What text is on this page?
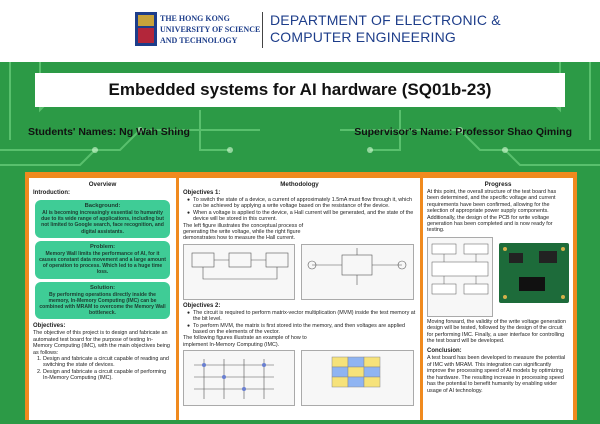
THE HONG KONG
UNIVERSITY OF SCIENCE
AND TECHNOLOGY
DEPARTMENT OF ELECTRONIC &
COMPUTER ENGINEERING
Embedded systems for AI hardware (SQ01b-23)
Students' Names: Ng Wah Shing	Supervisor's Name: Professor Shao Qiming
Overview
Introduction:
Background:
AI is becoming increasingly essential to humanity due to its wide range of applications, including but not limited to Google search, face recognition, and digital assistants.
Problem:
Memory Wall limits the performance of AI, for it causes constant data movement and a large amount of operation to process. Which led to a huge time loss.
Solution:
By performing operations directly inside the memory, In-Memory Computing (IMC) can be combined with MRAM to overcome the Memory Wall bottleneck.
Objectives:
The objective of this project is to design and fabricate an automated test board for the purpose of testing In-Memory Computing (IMC), with the main objectives being as follows:
1. Design and fabricate a circuit capable of reading and switching the state of devices.
2. Design and fabricate a circuit capable of performing In-Memory Computing (IMC).
Methodology
Objectives 1:
● To switch the state of a device, a current of approximately 1.5mA must flow through it, which can be achieved by applying a write voltage based on the resistance of the device.
● When a voltage is applied to the device, a Hall current will be generated, and the state of the device will be stored in this current.
The left figure illustrates the conceptual process of generating the write voltage, while the right figure demonstrates how to measure the Hall current.
Objectives 2:
● The circuit is required to perform matrix-vector multiplication (MVM) inside the test memory at the bit level.
● To perform MVM, the matrix is first stored into the memory, and then voltages are applied based on the elements of the vector.
The following figures illustrate an example of how to implement In-Memory Computing (IMC).
Progress
At this point, the overall structure of the test board has been determined, and the specific voltage and current requirements have been confirmed, allowing for the selection of appropriate power supply components. Additionally, the design of the PCB for write voltage generation has been completed and is now ready for testing.
Moving forward, the validity of the write voltage generation design will be tested, followed by the design of the circuit for performing IMC. Finally, a user interface for controlling the test board will be developed.
Conclusion:
A test board has been developed to measure the potential of IMC with MRAM. This integration can significantly improve the processing speed of AI models by optimizing the hardware. The resulting increase in processing speed has the potential to benefit humanity by enabling wider usage of AI technology.
